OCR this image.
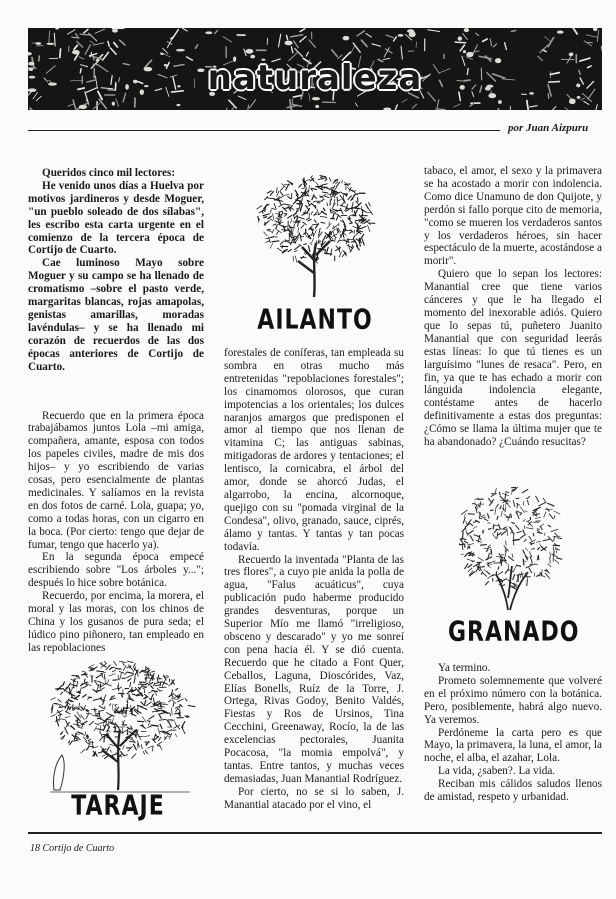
naturaleza
por Juan Aizpuru

Queridos cinco mil lectores:

He venido unos días a Huelva por motivos jardineros y desde Moguer, "un pueblo soleado de dos sílabas", les escribo esta carta urgente en el comienzo de la tercera época de Cortijo de Cuarto.

Cae luminoso Mayo sobre Moguer y su campo se ha llenado de cromatismo –sobre el pasto verde, margaritas blancas, rojas amapolas, genistas amarillas, moradas lavéndulas– y se ha llenado mi corazón de recuerdos de las dos épocas anteriores de Cortijo de Cuarto.

Recuerdo que en la primera época trabajábamos juntos Lola –mi amiga, compañera, amante, esposa con todos los papeles civiles, madre de mis dos hijos– y yo escribiendo de varias cosas, pero esencialmente de plantas medicinales. Y salíamos en la revista en dos fotos de carné. Lola, guapa; yo, como a todas horas, con un cigarro en la boca. (Por cierto: tengo que dejar de fumar, tengo que hacerlo ya).

En la segunda época empecé escribiendo sobre "Los árboles y..."; después lo hice sobre botánica.

Recuerdo, por encima, la morera, el moral y las moras, con los chinos de China y los gusanos de pura seda; el lúdico pino piñonero, tan empleado en las repoblaciones

TARAJE
AILANTO

forestales de coníferas, tan empleada su sombra en otras mucho más entretenidas "repoblaciones forestales"; los cinamomos olorosos, que curan impotencias a los orientales; los dulces naranjos amargos que predisponen el amor al tiempo que nos llenan de vitamina C; las antiguas sabinas, mitigadoras de ardores y tentaciones; el lentisco, la cornicabra, el árbol del amor, donde se ahorcó Judas, el algarrobo, la encina, alcornoque, quejigo con su "pomada virginal de la Condesa", olivo, granado, sauce, ciprés, álamo y tantas. Y tantas y tan pocas todavía.

Recuerdo la inventada "Planta de las tres flores", a cuyo pie anida la polla de agua, "Falus acuáticus", cuya publicación pudo haberme producido grandes desventuras, porque un Superior Mío me llamó "irreligioso, obsceno y descarado" y yo me sonreí con pena hacia él. Y se dió cuenta. Recuerdo que he citado a Font Quer, Ceballos, Laguna, Dioscórides, Vaz, Elías Bonells, Ruíz de la Torre, J. Ortega, Rivas Godoy, Benito Valdés, Fiestas y Ros de Ursinos, Tina Cecchini, Greenaway, Rocío, la de las excelencias pectorales, Juanita Pocacosa, "la momia empolvá", y tantas. Entre tantos, y muchas veces demasiadas, Juan Manantial Rodríguez.

Por cierto, no se si lo saben, J. Manantial atacado por el vino, el

tabaco, el amor, el sexo y la primavera se ha acostado a morir con indolencia. Como dice Unamuno de don Quijote, y perdón si fallo porque cito de memoria, "como se mueren los verdaderos santos y los verdaderos héroes, sin hacer espectáculo de la muerte, acostándose a morir".

Quiero que lo sepan los lectores: Manantial cree que tiene varios cánceres y que le ha llegado el momento del inexorable adiós. Quiero que lo sepas tú, puñetero Juanito Manantial que con seguridad leerás estas líneas: lo que tú tienes es un larguísimo "lunes de resaca". Pero, en fin, ya que te has echado a morir con lánguida indolencia elegante, contéstame antes de hacerlo definitivamente a estas dos preguntas: ¿Cómo se llama la última mujer que te ha abandonado? ¿Cuándo resucitas?

GRANADO

Ya termino.

Prometo solemnemente que volveré en el próximo número con la botánica. Pero, posiblemente, habrá algo nuevo. Ya veremos.

Perdóneme la carta pero es que Mayo, la primavera, la luna, el amor, la noche, el alba, el azahar, Lola.

La vida, ¿saben?. La vida.

Reciban mis cálidos saludos llenos de amistad, respeto y urbanidad.

18 Cortijo de Cuarto
